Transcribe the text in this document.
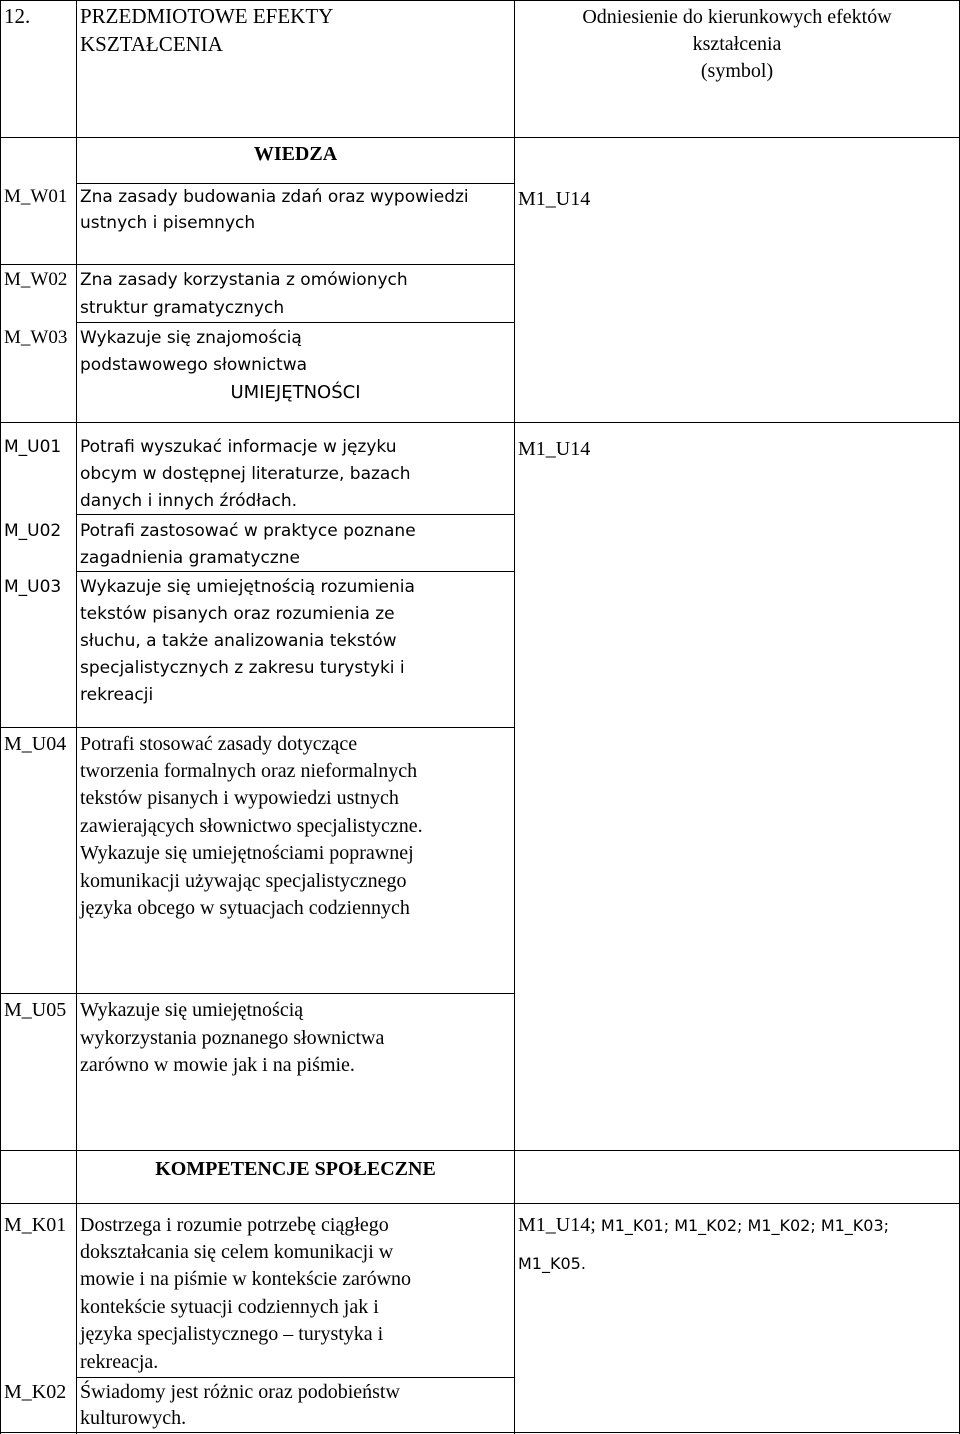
12. PRZEDMIOTOWE EFEKTY

KSZTAŁCENIA

Odniesienie do kierunkowych efektów

kształcenia

(symbol)

WIEDZA

M_W01 Zna zasady budowania zdań oraz wypowiedzi

ustnych i pisemnych

M1_U14

M_W02 Zna zasady korzystania z omówionych

struktur gramatycznych

M_W03 Wykazuje się znajomością

podstawowego słownictwa

UMIEJĘTNOŚCI

M_U01 Potrafi wyszukać informacje w języku

obcym w dostępnej literaturze, bazach

danych i innych źródłach.

M1_U14

M_U02 Potrafi zastosować w praktyce poznane

zagadnienia gramatyczne

M_U03 Wykazuje się umiejętnością rozumienia

tekstów pisanych oraz rozumienia ze

słuchu, a także analizowania tekstów

specjalistycznych z zakresu turystyki i

rekreacji

M_U04 Potrafi stosować zasady dotyczące

tworzenia formalnych oraz nieformalnych

tekstów pisanych i wypowiedzi ustnych

zawierających słownictwo specjalistyczne.

Wykazuje się umiejętnościami poprawnej

komunikacji używając specjalistycznego

języka obcego w sytuacjach codziennych

M_U05 Wykazuje się umiejętnością

wykorzystania poznanego słownictwa

zarówno w mowie jak i na piśmie.

KOMPETENCJE SPOŁECZNE

M_K01 Dostrzega i rozumie potrzebę ciągłego

dokształcania się celem komunikacji w

mowie i na piśmie w kontekście zarówno

kontekście sytuacji codziennych jak i

języka specjalistycznego – turystyka i

rekreacja.

M1_U14; M1_K01; M1_K02; M1_K02; M1_K03;

M1_K05.

M_K02 Świadomy jest różnic oraz podobieństw

kulturowych.
